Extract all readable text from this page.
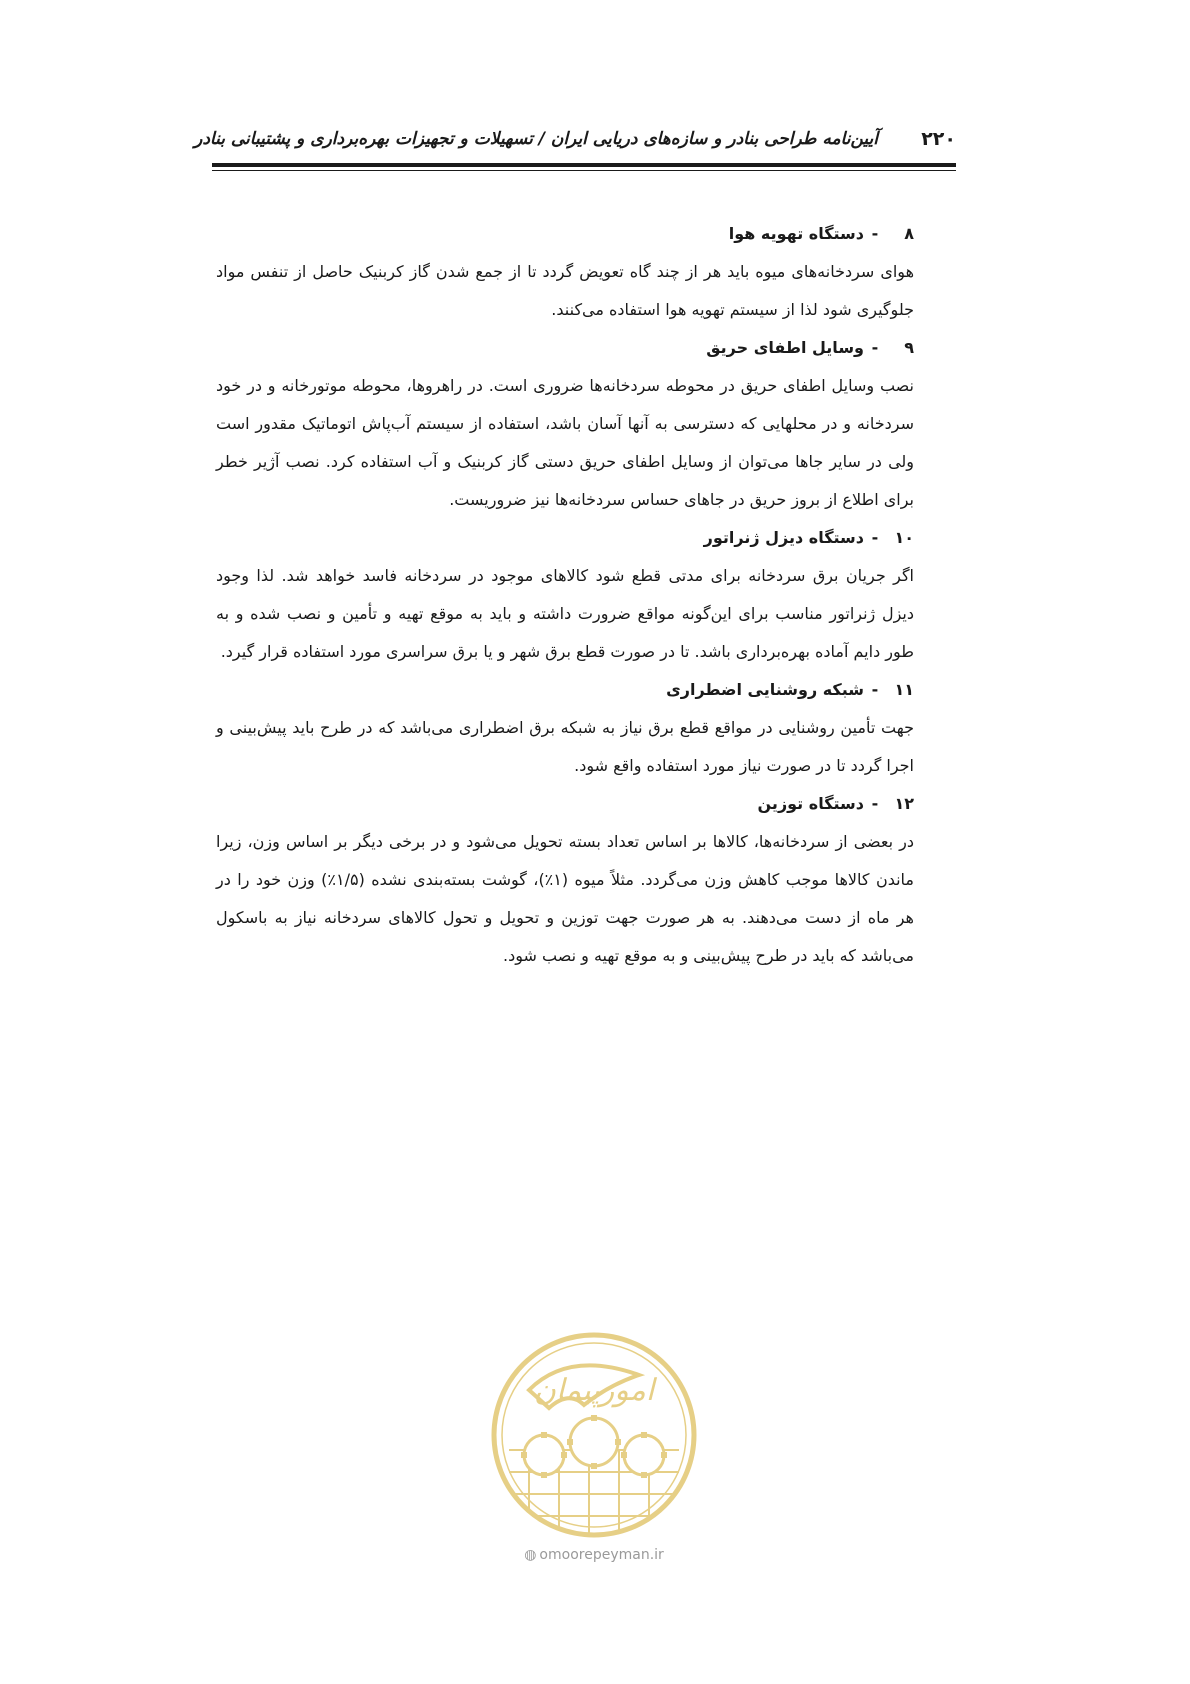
۲۲۰
آیین‌نامه طراحی بنادر و سازه‌های دریایی ایران / تسهیلات و تجهیزات بهره‌برداری و پشتیبانی بنادر
۸
-
دستگاه تهویه هوا

هوای سردخانه‌های میوه باید هر از چند گاه تعویض گردد تا از جمع شدن گاز کربنیک حاصل از تنفس مواد جلوگیری شود لذا از سیستم تهویه هوا استفاده می‌کنند.

۹
-
وسایل اطفای حریق

نصب وسایل اطفای حریق در محوطه سردخانه‌ها ضروری است. در راهروها، محوطه موتورخانه و در خود سردخانه و در محلهایی که دسترسی به آنها آسان باشد، استفاده از سیستم آب‌پاش اتوماتیک مقدور است ولی در سایر جاها می‌توان از وسایل اطفای حریق دستی گاز کربنیک و آب استفاده کرد. نصب آژیر خطر برای اطلاع از بروز حریق در جاهای حساس سردخانه‌ها نیز ضروریست.

۱۰
-
دستگاه دیزل ژنراتور

اگر جریان برق سردخانه برای مدتی قطع شود کالاهای موجود در سردخانه فاسد خواهد شد. لذا وجود دیزل ژنراتور مناسب برای این‌گونه مواقع ضرورت داشته و باید به موقع تهیه و تأمین و نصب شده و به طور دایم آماده بهره‌برداری باشد. تا در صورت قطع برق شهر و یا برق سراسری مورد استفاده قرار گیرد.

۱۱
-
شبکه روشنایی اضطراری

جهت تأمین روشنایی در مواقع قطع برق نیاز به شبکه برق اضطراری می‌باشد که در طرح باید پیش‌بینی و اجرا گردد تا در صورت نیاز مورد استفاده واقع شود.

۱۲
-
دستگاه توزین

در بعضی از سردخانه‌ها، کالاها بر اساس تعداد بسته تحویل می‌شود و در برخی دیگر بر اساس وزن، زیرا ماندن کالاها موجب کاهش وزن می‌گردد. مثلاً میوه (۱٪)، گوشت بسته‌بندی نشده (۱/۵٪) وزن خود را در هر ماه از دست می‌دهند. به هر صورت جهت توزین و تحویل و تحول کالاهای سردخانه نیاز به باسکول می‌باشد که باید در طرح پیش‌بینی و به موقع تهیه و نصب شود.

امورپیمان
◍ omoorepeyman.ir
